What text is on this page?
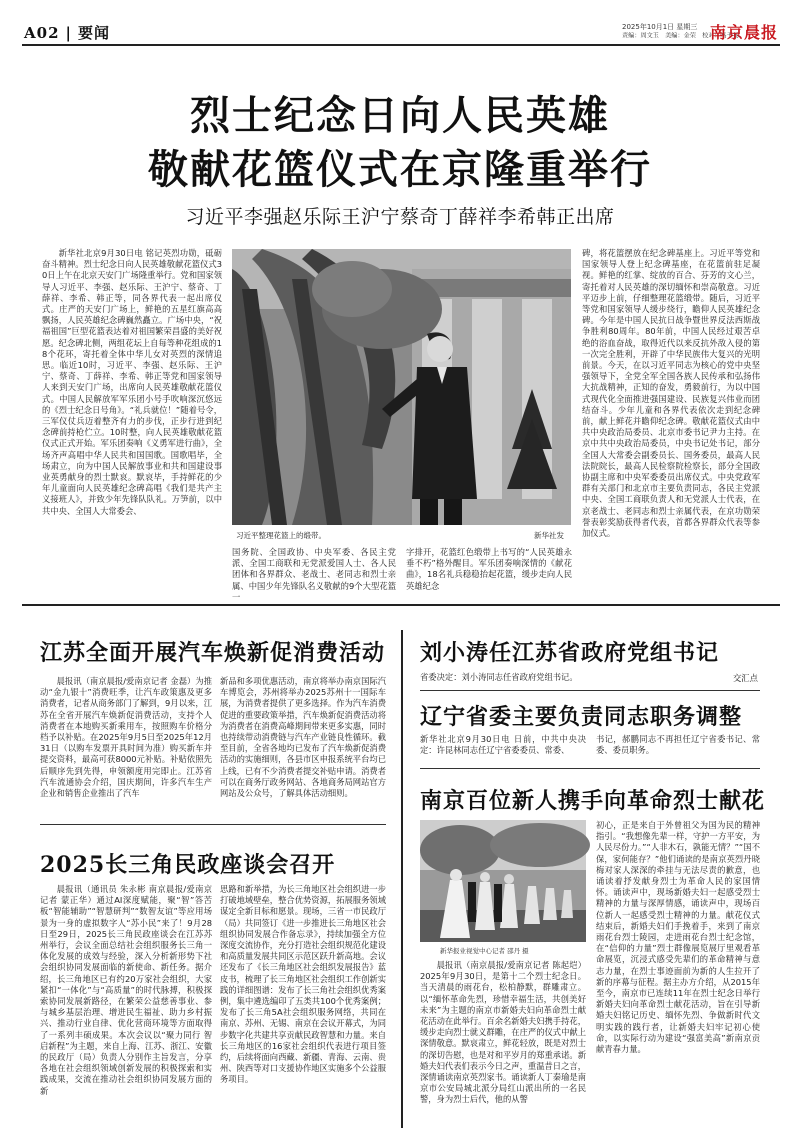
A02 | 要闻	2025年10月1日 星期三
责编：周文玉　美编：金荣　校对：马千扬
南京晨报
烈士纪念日向人民英雄
敬献花篮仪式在京隆重举行
习近平李强赵乐际王沪宁蔡奇丁薛祥李希韩正出席

新华社北京9月30日电 铭记英烈功勋，砥砺奋斗精神。烈士纪念日向人民英雄敬献花篮仪式30日上午在北京天安门广场隆重举行。党和国家领导人习近平、李强、赵乐际、王沪宁、蔡奇、丁薛祥、李希、韩正等，同各界代表一起出席仪式。庄严的天安门广场上，鲜艳的五星红旗高高飘扬，人民英雄纪念碑巍然矗立。广场中央，“祝福祖国”巨型花篮表达着对祖国繁荣昌盛的美好祝愿。纪念碑北侧，两组花坛上自每等种花组成的18个花环，寄托着全体中华儿女对英烈的深情追思。临近10时，习近平、李强、赵乐际、王沪宁、蔡奇、丁薛祥、李希、韩正等党和国家领导人来到天安门广场，出席向人民英雄敬献花篮仪式。中国人民解放军军乐团小号手吹响深沉悠远的《烈士纪念日号角》。“礼兵就位！”随着号令，三军仪仗兵迈着整齐有力的步伐，正步行进到纪念碑前持枪伫立。10时整，向人民英雄敬献花篮仪式正式开始。军乐团奏响《义勇军进行曲》，全场齐声高唱中华人民共和国国歌。国歌唱毕，全场肃立，向为中国人民解放事业和共和国建设事业英勇献身的烈士默哀。默哀毕，手持鲜花的少年儿童面向人民英雄纪念碑高唱《我们是共产主义接班人》，并致少年先锋队队礼。万笋前，以中共中央、全国人大常委会、

习近平整理花篮上的缎带。	新华社发

国务院、全国政协、中央军委、各民主党派、全国工商联和无党派爱国人士、各人民团体和各界群众、老战士、老同志和烈士亲属、中国少年先锋队名义敬献的9个大型花篮一

字排开，花篮红色缎带上书写的“人民英雄永垂不朽”格外醒目。军乐团奏响深情的《献花曲》，18名礼兵稳稳抬起花篮，缓步走向人民英雄纪念

碑，将花篮摆放在纪念碑基座上。习近平等党和国家领导人登上纪念碑基座，在花篮前驻足凝视。鲜艳的红掌、绽放的百合、芬芳的文心兰，寄托着对人民英雄的深切缅怀和崇高敬意。习近平迈步上前，仔细整理花篮缎带。随后，习近平等党和国家领导人缓步绕行，瞻仰人民英雄纪念碑。今年是中国人民抗日战争暨世界反法西斯战争胜利80周年。80年前，中国人民经过艰苦卓绝的浴血奋战，取得近代以来反抗外敌入侵的第一次完全胜利，开辟了中华民族伟大复兴的光明前景。今天，在以习近平同志为核心的党中央坚强领导下，全党全军全国各族人民传承和弘扬伟大抗战精神，正知的奋发，勇毅前行，为以中国式现代化全面推进强国建设、民族复兴伟业而团结奋斗。少年儿童和各界代表依次走到纪念碑前，献上鲜花并瞻仰纪念碑。敬献花篮仪式由中共中央政治局委员、北京市委书记尹力主持。在京中共中央政治局委员，中央书记处书记，部分全国人大常委会副委员长、国务委员，最高人民法院院长，最高人民检察院检察长，部分全国政协副主席和中央军委委员出席仪式。中央党政军群有关部门和北京市主要负责同志，各民主党派中央、全国工商联负责人和无党派人士代表，在京老战士、老同志和烈士亲属代表，在京功勋荣誉表彰奖励获得者代表，首都各界群众代表等参加仪式。

江苏全面开展汽车焕新促消费活动

晨报讯（南京晨报/爱南京记者 金磊）为推动“金九银十”消费旺季，让汽车政策惠及更多消费者，记者从商务部门了解到，9月以来，江苏在全省开展汽车焕新促消费活动，支持个人消费者在本地购买新乘用车，按照购车价格分档予以补贴。在2025年9月5日至2025年12月31日（以购车发票开具时间为准）购买新车并提交资料，最高可获8000元补贴。补贴依照先后顺序先到先得，申领额度用完即止。江苏省汽车流通协会介绍，国庆期间，许多汽车生产企业和销售企业推出了汽车

新品和多项优惠活动，南京将举办南京国际汽车博览会，苏州将举办2025苏州十一国际车展，为消费者提供了更多选择。作为汽车消费促进的重要政策举措，汽车焕新促消费活动将为消费者在消费高峰期间带来更多实惠，同时也持续带动消费链与汽车产业链良性循环。截至目前，全省各地均已发布了汽车焕新促消费活动的实施细则，各县市区申报系统平台均已上线，已有不少消费者提交补贴申请。消费者可以在商务厅政务网站、各地商务局网站官方网站及公众号，了解具体活动细则。

2025长三角民政座谈会召开

晨报讯（通讯员 朱永彬 南京晨报/爱南京记者 蒙正华）通过AI深度赋能，聚“智”答苦板“智能辅助”“智慧研判”“数智友谊”等应用场景为一身的虚拟数字人“苏小民”来了！9月28日至29日，2025长三角民政座谈会在江苏苏州举行，会议全面总结社会组织服务长三角一体化发展的成效与经验，深入分析新形势下社会组织协同发展面临的新使命、新任务。据介绍，长三角地区已有约20万家社会组织，大家紧扣“一体化”与“高质量”的时代脉搏，积极探索协同发展新路径，在繁荣公益慈善事业、参与城乡基层治理、增进民生福祉、助力乡村振兴、推动行业自律、优化营商环境等方面取得了一系列丰硕成果。本次会议以“聚力同行 智启新程”为主题，来自上海、江苏、浙江、安徽的民政厅（局）负责人分别作主旨发言，分享各地在社会组织领域创新发展的积极探索和实践成果，交流在推动社会组织协同发展方面的新

思路和新举措，为长三角地区社会组织进一步打破地域壁垒，整合优势资源，拓展服务领域谋定全新目标和愿景。现场，三省一市民政厅（局）共同签订《进一步推进长三角地区社会组织协同发展合作备忘录》，持续加强全方位深度交流协作，充分打造社会组织规范化建设和高质量发展共同区示范区跃升新高地。会议还发布了《长三角地区社会组织发展报告》蓝皮书，梳理了长三角地区社会组织工作创新实践的详细图谱：发布了长三角社会组织优秀案例，集中遴选编印了五类共100个优秀案例；发布了长三角5A社会组织服务网络，共同在南京、苏州、无锡、南京在会议开幕式，为同步数字化共建共享贡献民政智慧和力量。来自长三角地区的16家社会组织代表进行项目签约，后续将面向西藏、新疆、青海、云南、贵州、陕西等对口支援协作地区实施多个公益服务项目。

刘小涛任江苏省政府党组书记

省委决定：刘小涛同志任省政府党组书记。	交汇点
辽宁省委主要负责同志职务调整

新华社北京9月30日电 日前，中共中央决定：许昆林同志任辽宁省委委员、常委、

书记，郝鹏同志不再担任辽宁省委书记、常委、委员职务。

南京百位新人携手向革命烈士献花
新华报业视觉中心记者 邵丹 摄

晨报讯（南京晨报/爱南京记者 陈起垲）2025年9月30日，是第十二个烈士纪念日。当天清晨的雨花台，松柏静默，群雕肃立。以“缅怀革命先烈，珍惜幸福生活，共创美好未来”为主题的南京市新婚夫妇向革命烈士献花活动在此举行。百余名新婚夫妇携手持花，缓步走向烈士就义群雕，在庄严的仪式中献上深情敬意。默哀肃立，鲜花轻放，既是对烈士的深切告慰，也是对和平岁月的郑重承诺。新婚夫妇代表们表示今日之声，重温昔日之言，深情诵读南京英烈家书。诵读新人丁秦瑜是南京市公安局城北派分局红山派出所的一名民警，身为烈士后代，他的从警

初心，正是来自于外曾祖父为国为民的精神指引。“我想像先辈一样，守护一方平安，为人民尽份力。”“人非木石，孰能无情？”“国不保，家何能存？”他们诵读的是南京英烈丹晓梅对家人深深的牵挂与无法尽责的歉意，也诵读着抒发献身烈士为革命人民的家国情怀。诵读声中，现场新婚夫妇一起感受烈士精神的力量与深厚情感，诵读声中，现场百位新人一起感受烈士精神的力量。献花仪式结束后，新婚夫妇们手挽着手，来到了南京雨花台烈士陵园，走进雨花台烈士纪念馆，在“信仰的力量”烈士群像展览展厅里观看革命展览，沉浸式感受先辈们的革命精神与意志力量，在烈士事迹面前为新的人生拉开了新的序幕与征程。据主办方介绍，从2015年至今，南京市已连续11年在烈士纪念日举行新婚夫妇向革命烈士献花活动，旨在引导新婚夫妇铭记历史、缅怀先烈、争做新时代文明实践的践行者，让新婚夫妇牢记初心使命，以实际行动为建设“强富美高”新南京贡献青春力量。
